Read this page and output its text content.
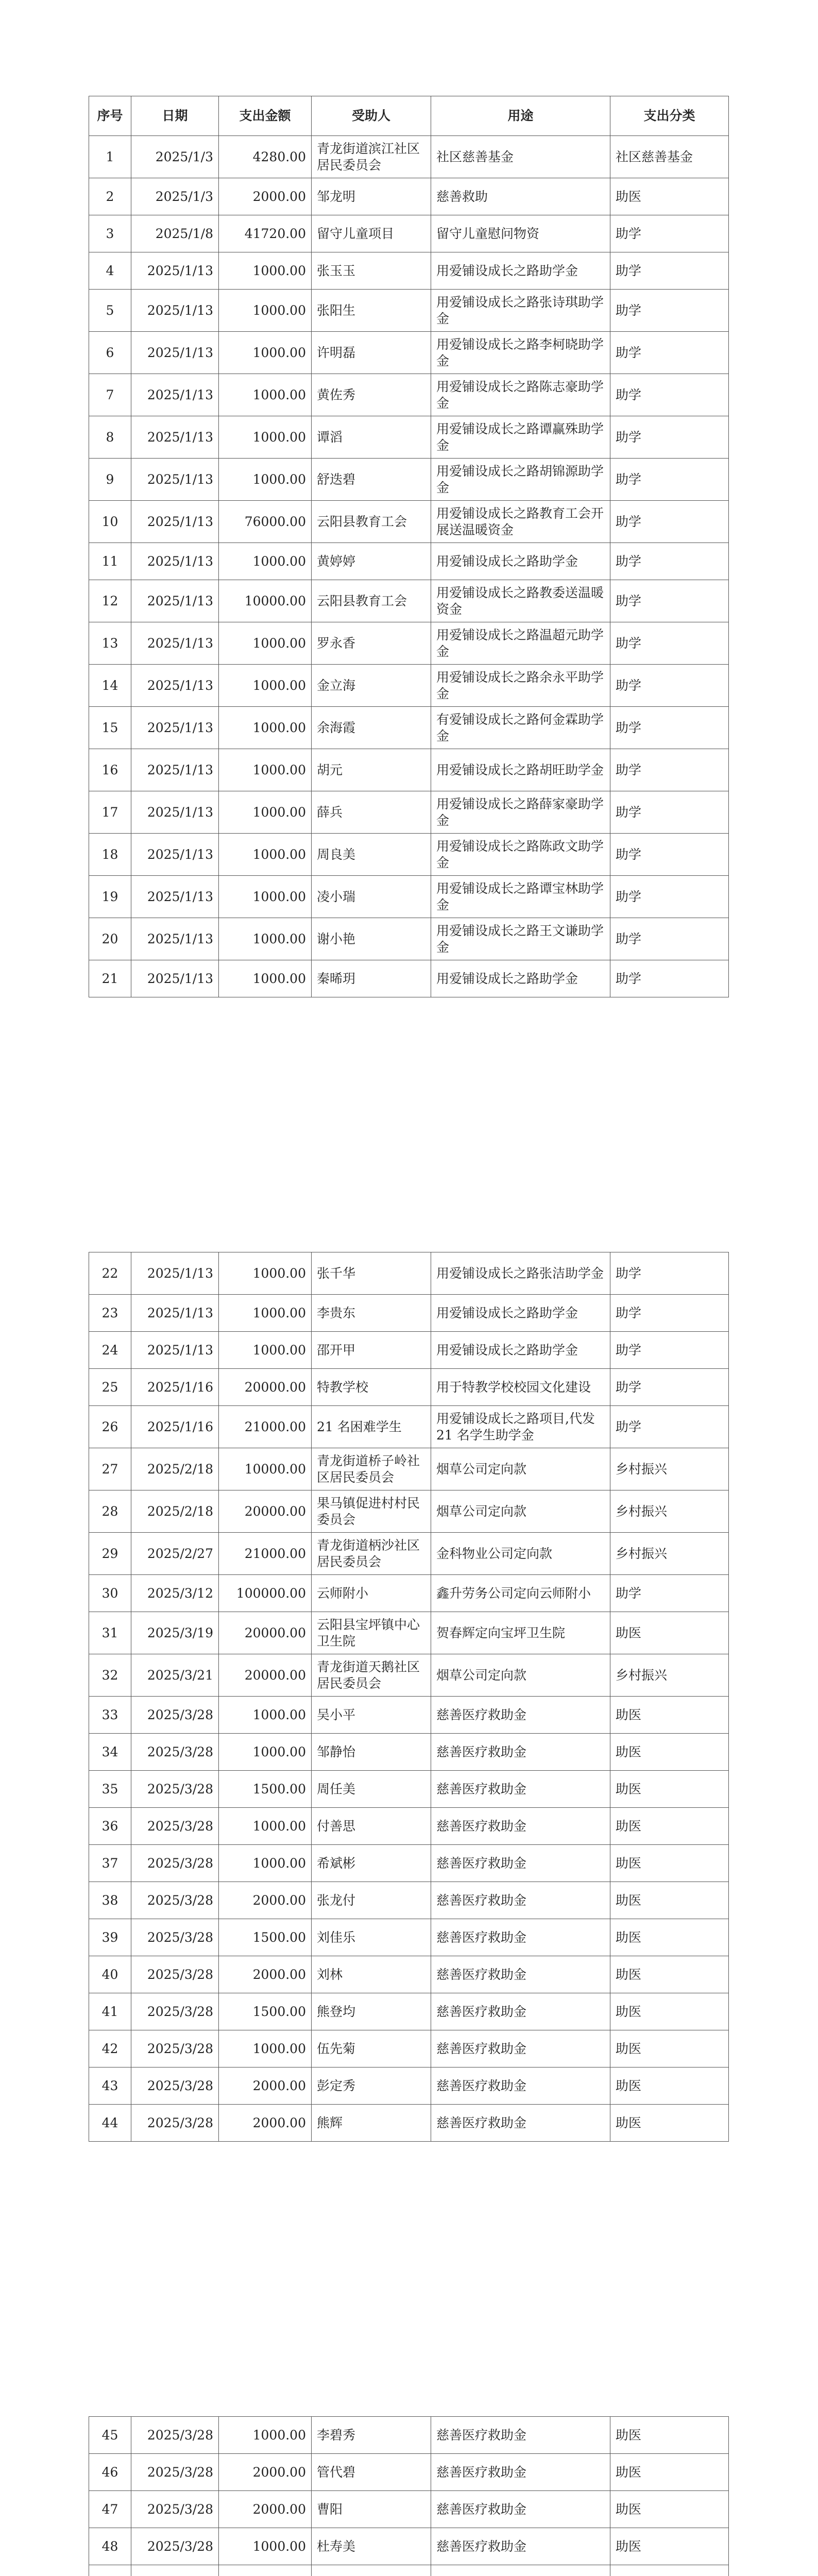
序号	日期	支出金额	受助人	用途	支出分类
1	2025/1/3	4280.00	青龙街道滨江社区居民委员会	社区慈善基金	社区慈善基金
2	2025/1/3	2000.00	邹龙明	慈善救助	助医
3	2025/1/8	41720.00	留守儿童项目	留守儿童慰问物资	助学
4	2025/1/13	1000.00	张玉玉	用爱铺设成长之路助学金	助学
5	2025/1/13	1000.00	张阳生	用爱铺设成长之路张诗琪助学金	助学
6	2025/1/13	1000.00	许明磊	用爱铺设成长之路李柯晓助学金	助学
7	2025/1/13	1000.00	黄佐秀	用爱铺设成长之路陈志豪助学金	助学
8	2025/1/13	1000.00	谭滔	用爱铺设成长之路谭赢殊助学金	助学
9	2025/1/13	1000.00	舒迭碧	用爱铺设成长之路胡锦源助学金	助学
10	2025/1/13	76000.00	云阳县教育工会	用爱铺设成长之路教育工会开展送温暖资金	助学
11	2025/1/13	1000.00	黄婷婷	用爱铺设成长之路助学金	助学
12	2025/1/13	10000.00	云阳县教育工会	用爱铺设成长之路教委送温暖资金	助学
13	2025/1/13	1000.00	罗永香	用爱铺设成长之路温超元助学金	助学
14	2025/1/13	1000.00	金立海	用爱铺设成长之路余永平助学金	助学
15	2025/1/13	1000.00	余海霞	有爱铺设成长之路何金霖助学金	助学
16	2025/1/13	1000.00	胡元	用爱铺设成长之路胡旺助学金	助学
17	2025/1/13	1000.00	薛兵	用爱铺设成长之路薛家豪助学金	助学
18	2025/1/13	1000.00	周良美	用爱铺设成长之路陈政文助学金	助学
19	2025/1/13	1000.00	凌小瑞	用爱铺设成长之路谭宝林助学金	助学
20	2025/1/13	1000.00	谢小艳	用爱铺设成长之路王文谦助学金	助学
21	2025/1/13	1000.00	秦晞玥	用爱铺设成长之路助学金	助学
22	2025/1/13	1000.00	张千华	用爱铺设成长之路张洁助学金	助学
23	2025/1/13	1000.00	李贵东	用爱铺设成长之路助学金	助学
24	2025/1/13	1000.00	邵开甲	用爱铺设成长之路助学金	助学
25	2025/1/16	20000.00	特教学校	用于特教学校校园文化建设	助学
26	2025/1/16	21000.00	21 名困难学生	用爱铺设成长之路项目,代发 21 名学生助学金	助学
27	2025/2/18	10000.00	青龙街道桥子岭社区居民委员会	烟草公司定向款	乡村振兴
28	2025/2/18	20000.00	果马镇促进村村民委员会	烟草公司定向款	乡村振兴
29	2025/2/27	21000.00	青龙街道柄沙社区居民委员会	金科物业公司定向款	乡村振兴
30	2025/3/12	100000.00	云师附小	鑫升劳务公司定向云师附小	助学
31	2025/3/19	20000.00	云阳县宝坪镇中心卫生院	贺春辉定向宝坪卫生院	助医
32	2025/3/21	20000.00	青龙街道天鹅社区居民委员会	烟草公司定向款	乡村振兴
33	2025/3/28	1000.00	吴小平	慈善医疗救助金	助医
34	2025/3/28	1000.00	邹静怡	慈善医疗救助金	助医
35	2025/3/28	1500.00	周任美	慈善医疗救助金	助医
36	2025/3/28	1000.00	付善思	慈善医疗救助金	助医
37	2025/3/28	1000.00	希斌彬	慈善医疗救助金	助医
38	2025/3/28	2000.00	张龙付	慈善医疗救助金	助医
39	2025/3/28	1500.00	刘佳乐	慈善医疗救助金	助医
40	2025/3/28	2000.00	刘林	慈善医疗救助金	助医
41	2025/3/28	1500.00	熊登均	慈善医疗救助金	助医
42	2025/3/28	1000.00	伍先菊	慈善医疗救助金	助医
43	2025/3/28	2000.00	彭定秀	慈善医疗救助金	助医
44	2025/3/28	2000.00	熊辉	慈善医疗救助金	助医
45	2025/3/28	1000.00	李碧秀	慈善医疗救助金	助医
46	2025/3/28	2000.00	管代碧	慈善医疗救助金	助医
47	2025/3/28	2000.00	曹阳	慈善医疗救助金	助医
48	2025/3/28	1000.00	杜寿美	慈善医疗救助金	助医
